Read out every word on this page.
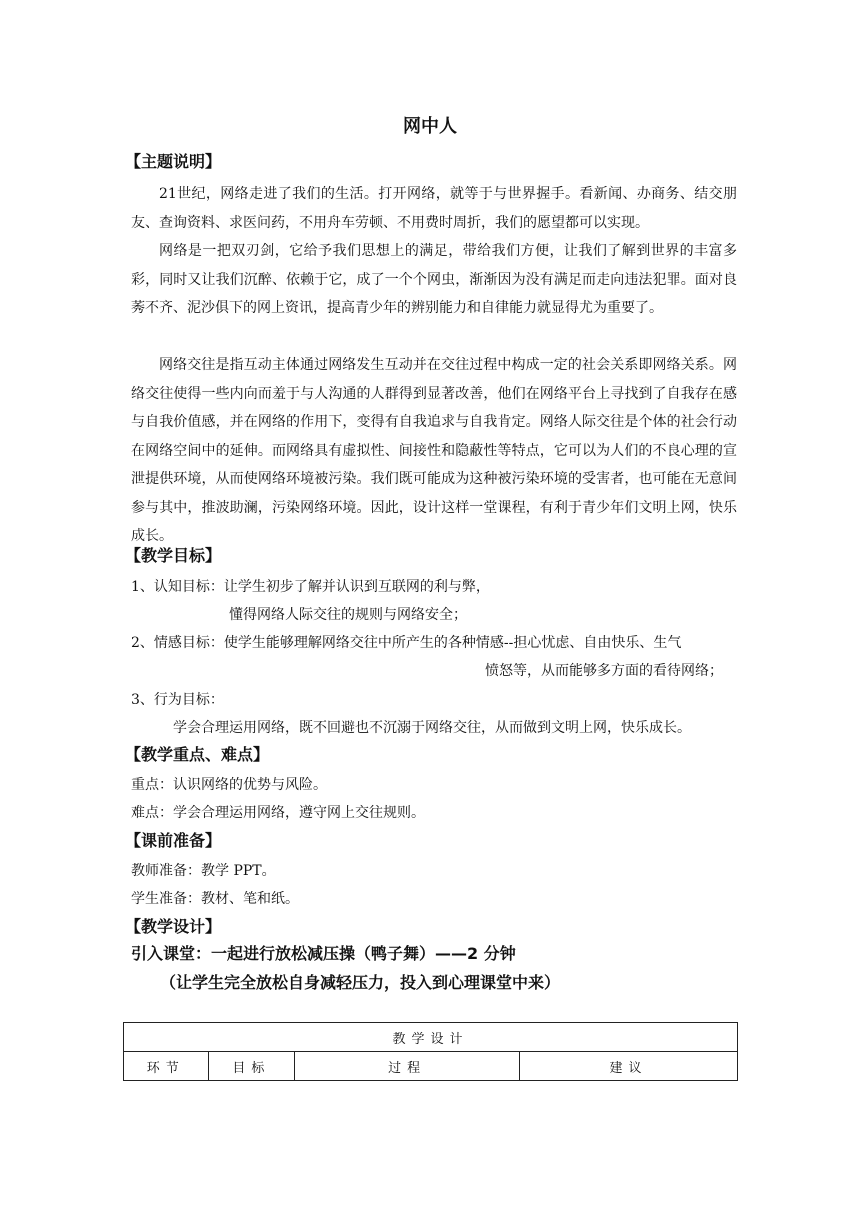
网中人
【主题说明】
21世纪，网络走进了我们的生活。打开网络，就等于与世界握手。看新闻、办商务、结交朋友、查询资料、求医问药，不用舟车劳顿、不用费时周折，我们的愿望都可以实现。
网络是一把双刃剑，它给予我们思想上的满足，带给我们方便，让我们了解到世界的丰富多彩，同时又让我们沉醉、依赖于它，成了一个个网虫，渐渐因为没有满足而走向违法犯罪。面对良莠不齐、泥沙俱下的网上资讯，提高青少年的辨别能力和自律能力就显得尤为重要了。
网络交往是指互动主体通过网络发生互动并在交往过程中构成一定的社会关系即网络关系。网络交往使得一些内向而羞于与人沟通的人群得到显著改善，他们在网络平台上寻找到了自我存在感与自我价值感，并在网络的作用下，变得有自我追求与自我肯定。网络人际交往是个体的社会行动在网络空间中的延伸。而网络具有虚拟性、间接性和隐蔽性等特点，它可以为人们的不良心理的宣泄提供环境，从而使网络环境被污染。我们既可能成为这种被污染环境的受害者，也可能在无意间参与其中，推波助澜，污染网络环境。因此，设计这样一堂课程，有利于青少年们文明上网，快乐成长。
【教学目标】
1、认知目标：让学生初步了解并认识到互联网的利与弊，
懂得网络人际交往的规则与网络安全；
2、情感目标：使学生能够理解网络交往中所产生的各种情感--担心忧虑、自由快乐、生气
愤怒等，从而能够多方面的看待网络；
3、行为目标：
学会合理运用网络，既不回避也不沉溺于网络交往，从而做到文明上网，快乐成长。
【教学重点、难点】
重点：认识网络的优势与风险。
难点：学会合理运用网络，遵守网上交往规则。
【课前准备】
教师准备：教学 PPT。
学生准备：教材、笔和纸。
【教学设计】
引入课堂：一起进行放松减压操（鸭子舞）——2 分钟
（让学生完全放松自身减轻压力，投入到心理课堂中来）
教学设计
环节	目标	过程	建议
